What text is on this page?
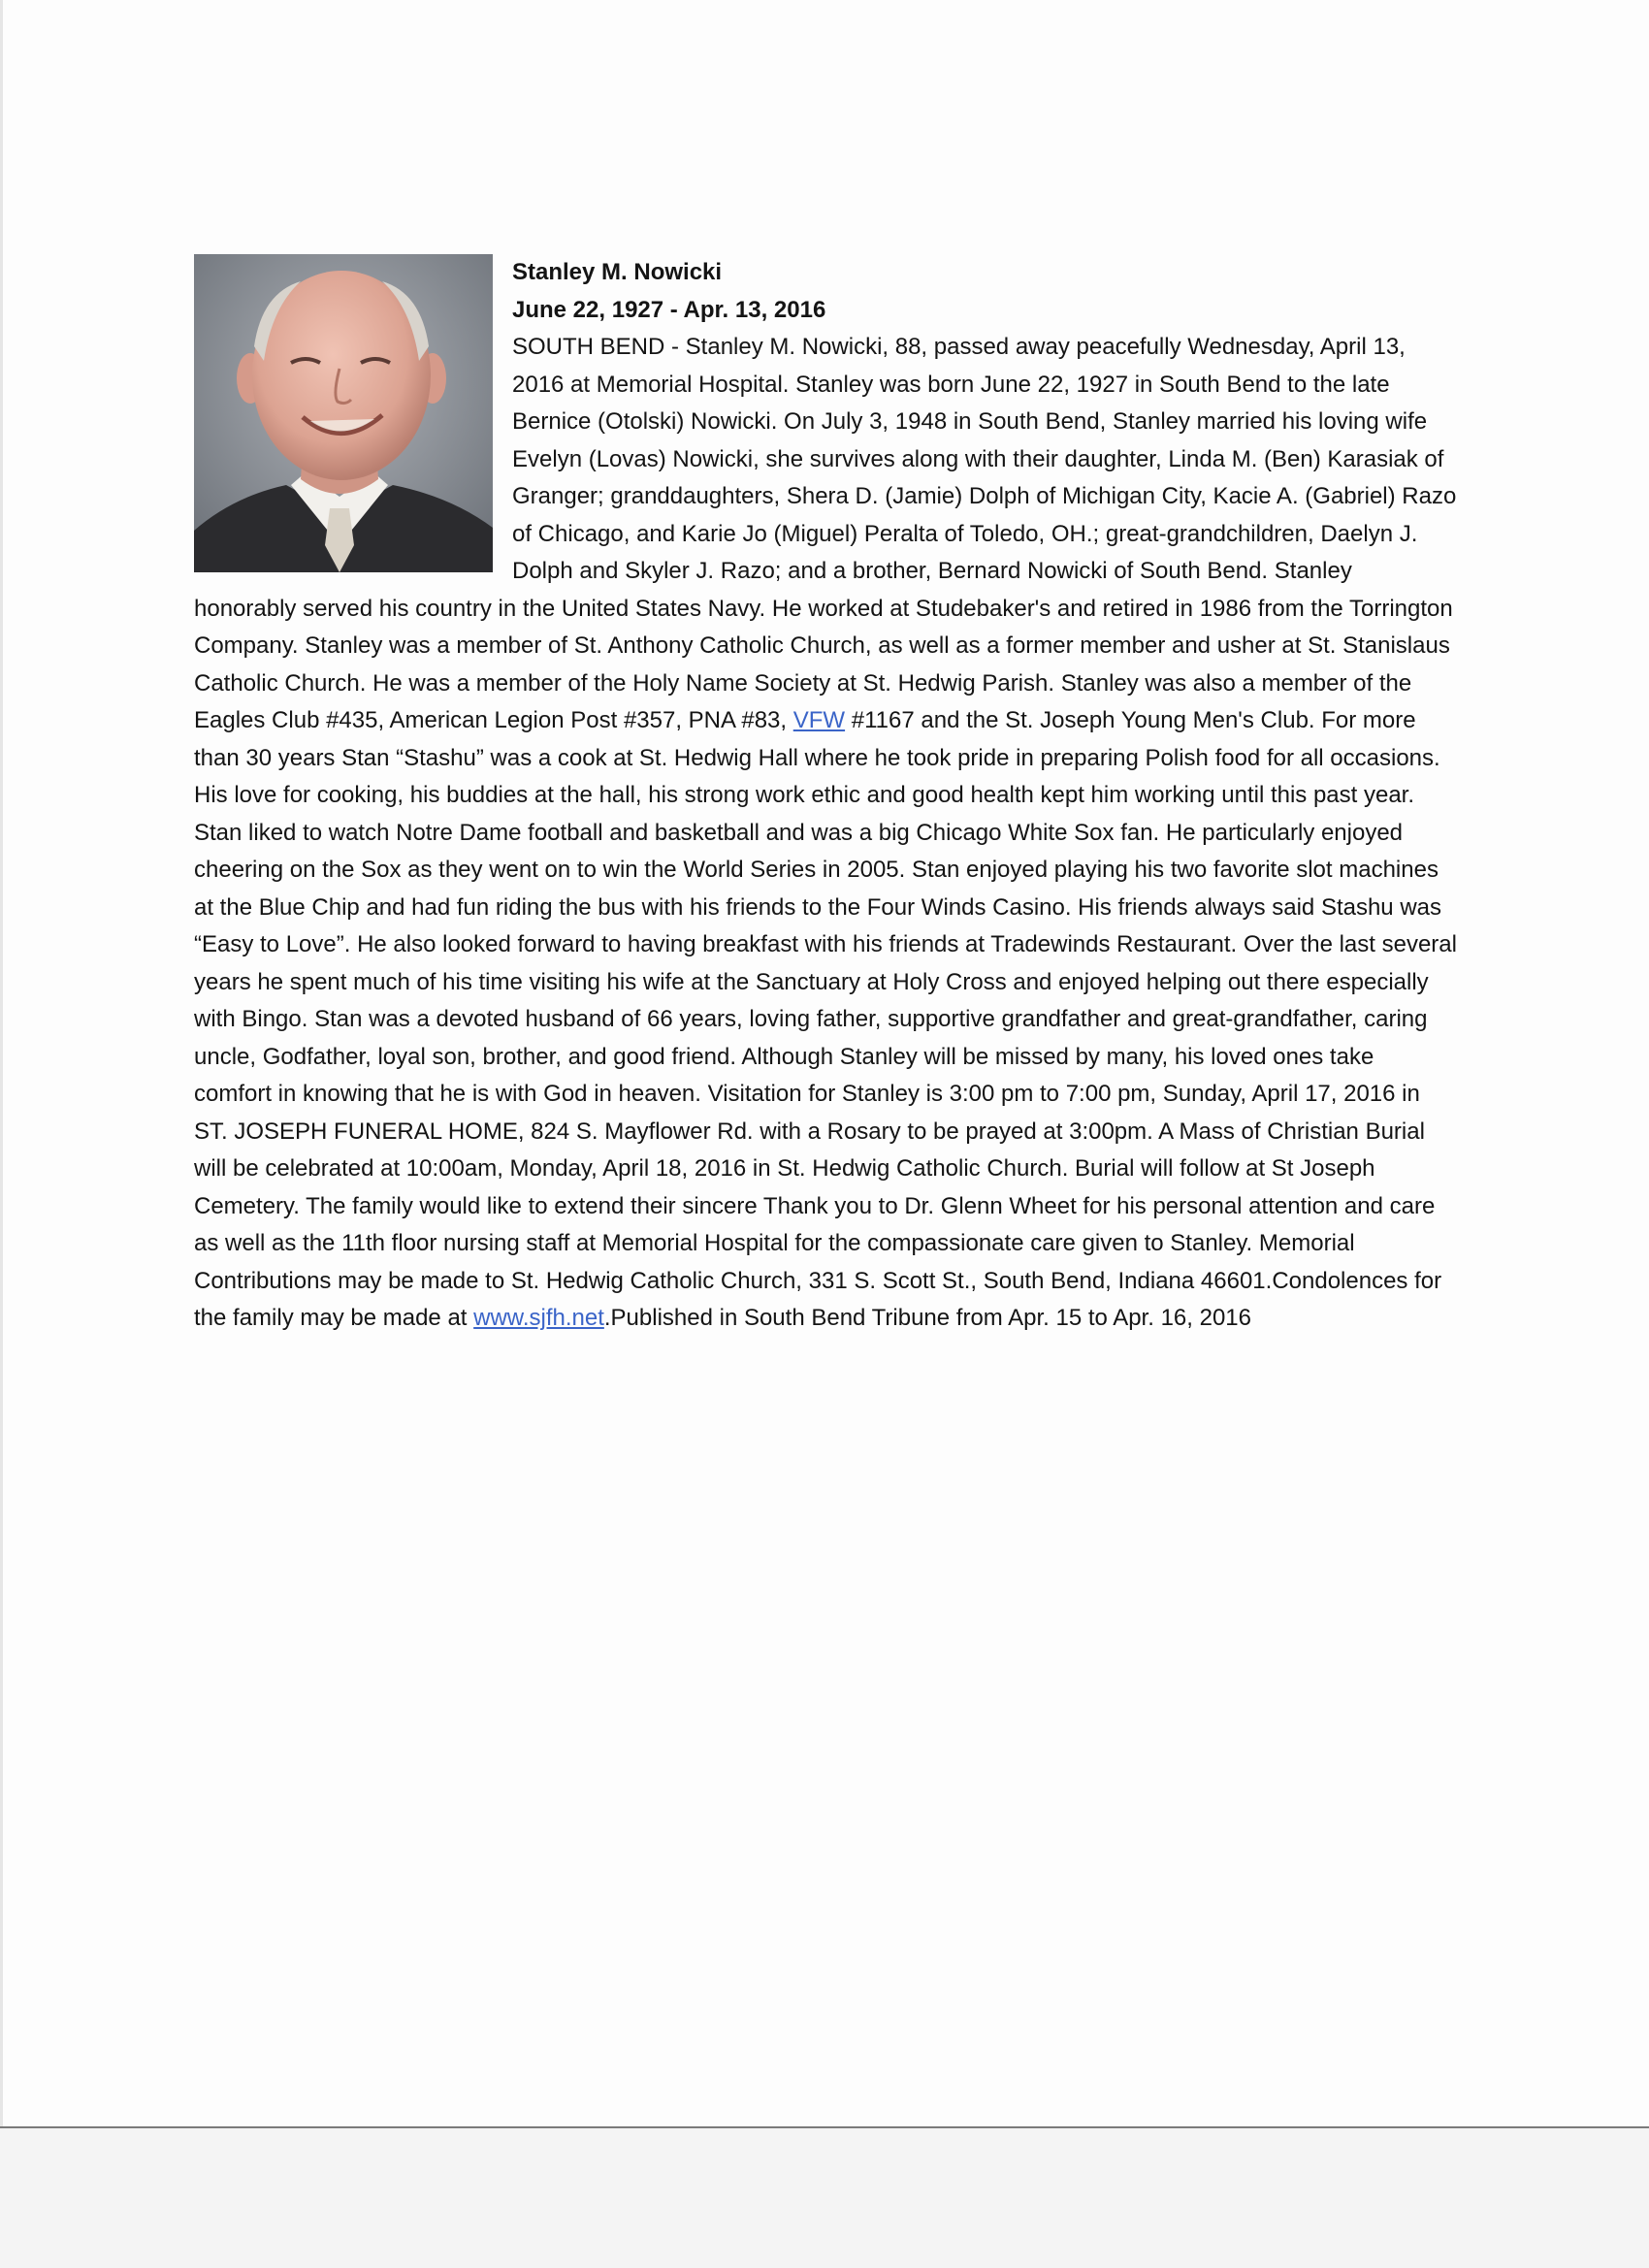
Stanley M. Nowicki

June 22, 1927 - Apr. 13, 2016

SOUTH BEND - Stanley M. Nowicki, 88, passed away peacefully Wednesday, April 13, 2016 at Memorial Hospital. Stanley was born June 22, 1927 in South Bend to the late Bernice (Otolski) Nowicki. On July 3, 1948 in South Bend, Stanley married his loving wife Evelyn (Lovas) Nowicki, she survives along with their daughter, Linda M. (Ben) Karasiak of Granger; granddaughters, Shera D. (Jamie) Dolph of Michigan City, Kacie A. (Gabriel) Razo of Chicago, and Karie Jo (Miguel) Peralta of Toledo, OH.; great-grandchildren, Daelyn J. Dolph and Skyler J. Razo; and a brother, Bernard Nowicki of South Bend. Stanley honorably served his country in the United States Navy. He worked at Studebaker's and retired in 1986 from the Torrington Company. Stanley was a member of St. Anthony Catholic Church, as well as a former member and usher at St. Stanislaus Catholic Church. He was a member of the Holy Name Society at St. Hedwig Parish. Stanley was also a member of the Eagles Club #435, American Legion Post #357, PNA #83, VFW #1167 and the St. Joseph Young Men's Club. For more than 30 years Stan “Stashu” was a cook at St. Hedwig Hall where he took pride in preparing Polish food for all occasions. His love for cooking, his buddies at the hall, his strong work ethic and good health kept him working until this past year. Stan liked to watch Notre Dame football and basketball and was a big Chicago White Sox fan. He particularly enjoyed cheering on the Sox as they went on to win the World Series in 2005. Stan enjoyed playing his two favorite slot machines at the Blue Chip and had fun riding the bus with his friends to the Four Winds Casino. His friends always said Stashu was “Easy to Love”. He also looked forward to having breakfast with his friends at Tradewinds Restaurant. Over the last several years he spent much of his time visiting his wife at the Sanctuary at Holy Cross and enjoyed helping out there especially with Bingo. Stan was a devoted husband of 66 years, loving father, supportive grandfather and great-grandfather, caring uncle, Godfather, loyal son, brother, and good friend. Although Stanley will be missed by many, his loved ones take comfort in knowing that he is with God in heaven. Visitation for Stanley is 3:00 pm to 7:00 pm, Sunday, April 17, 2016 in ST. JOSEPH FUNERAL HOME, 824 S. Mayflower Rd. with a Rosary to be prayed at 3:00pm. A Mass of Christian Burial will be celebrated at 10:00am, Monday, April 18, 2016 in St. Hedwig Catholic Church. Burial will follow at St Joseph Cemetery. The family would like to extend their sincere Thank you to Dr. Glenn Wheet for his personal attention and care as well as the 11th floor nursing staff at Memorial Hospital for the compassionate care given to Stanley. Memorial Contributions may be made to St. Hedwig Catholic Church, 331 S. Scott St., South Bend, Indiana 46601.Condolences for the family may be made at www.sjfh.net.Published in South Bend Tribune from Apr. 15 to Apr. 16, 2016
